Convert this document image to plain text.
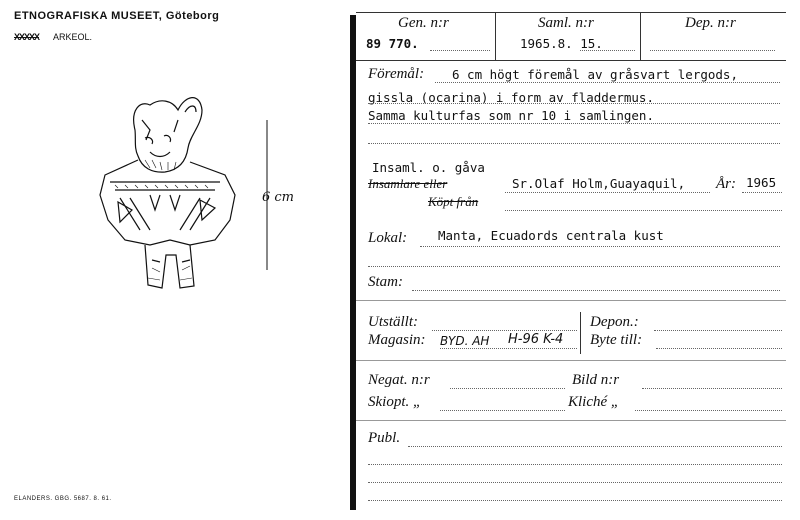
ETNOGRAFISKA MUSEET, Göteborg
XXXXX ARKEOL.
6 cm
ELANDERS. GBG. 5687. 8. 61.
Gen. n:r	Saml. n:r	Dep. n:r
89 770.	1965.8. 15.
Föremål: 6 cm högt föremål av gråsvart lergods,
gissla (ocarina) i form av fladdermus.
Samma kulturfas som nr 10 i samlingen.
Insaml. o. gåva
Insamlare eller
Köpt från
Sr.Olaf Holm,Guayaquil, År: 1965
Lokal: Manta, Ecuadords centrala kust
Stam:
Utställt:
Magasin: BYD. AH H-96 K-4
Depon.:
Byte till:
Negat. n:r
Skiopt. „
Bild n:r
Kliché „
Publ.
